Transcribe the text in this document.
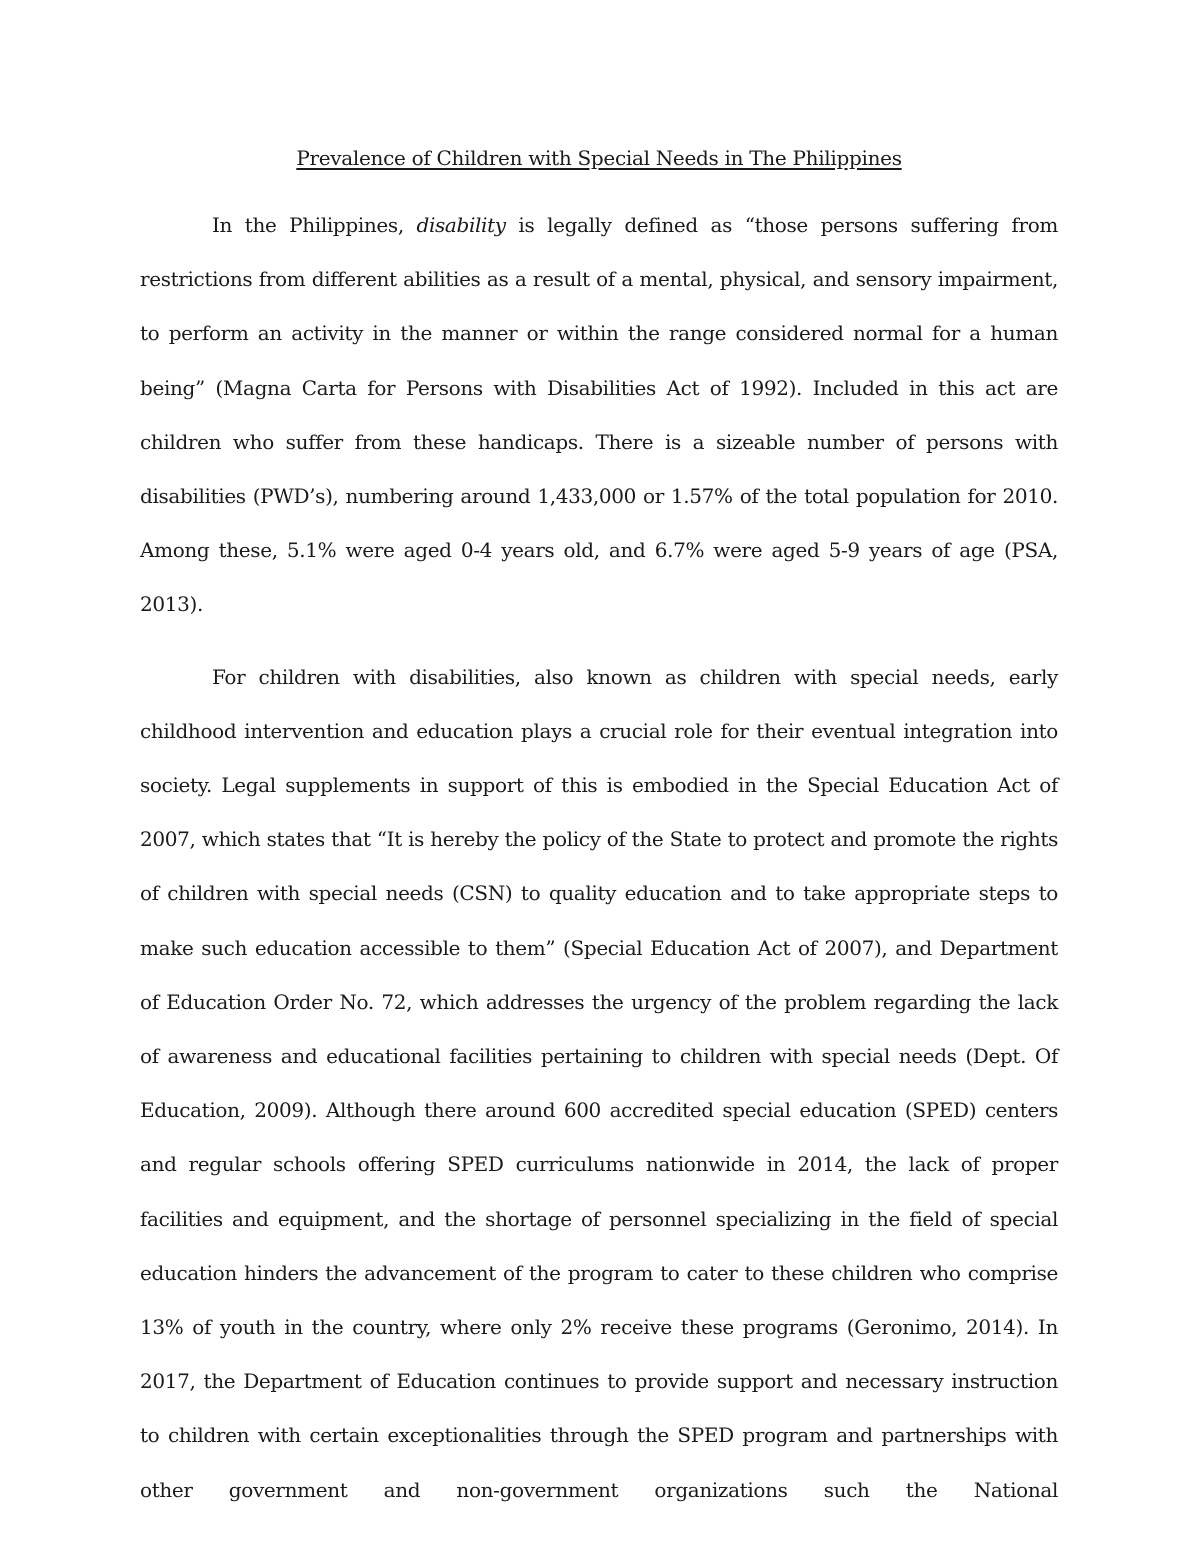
Prevalence of Children with Special Needs in The Philippines

In the Philippines, disability is legally defined as “those persons suffering from restrictions from different abilities as a result of a mental, physical, and sensory impairment, to perform an activity in the manner or within the range considered normal for a human being” (Magna Carta for Persons with Disabilities Act of 1992). Included in this act are children who suffer from these handicaps. There is a sizeable number of persons with disabilities (PWD’s), numbering around 1,433,000 or 1.57% of the total population for 2010. Among these, 5.1% were aged 0-4 years old, and 6.7% were aged 5-9 years of age (PSA, 2013).

For children with disabilities, also known as children with special needs, early childhood intervention and education plays a crucial role for their eventual integration into society. Legal supplements in support of this is embodied in the Special Education Act of 2007, which states that “It is hereby the policy of the State to protect and promote the rights of children with special needs (CSN) to quality education and to take appropriate steps to make such education accessible to them” (Special Education Act of 2007), and Department of Education Order No. 72, which addresses the urgency of the problem regarding the lack of awareness and educational facilities pertaining to children with special needs (Dept. Of Education, 2009). Although there around 600 accredited special education (SPED) centers and regular schools offering SPED curriculums nationwide in 2014, the lack of proper facilities and equipment, and the shortage of personnel specializing in the field of special education hinders the advancement of the program to cater to these children who comprise 13% of youth in the country, where only 2% receive these programs (Geronimo, 2014). In 2017, the Department of Education continues to provide support and necessary instruction to children with certain exceptionalities through the SPED program and partnerships with other government and non-government organizations such the National
